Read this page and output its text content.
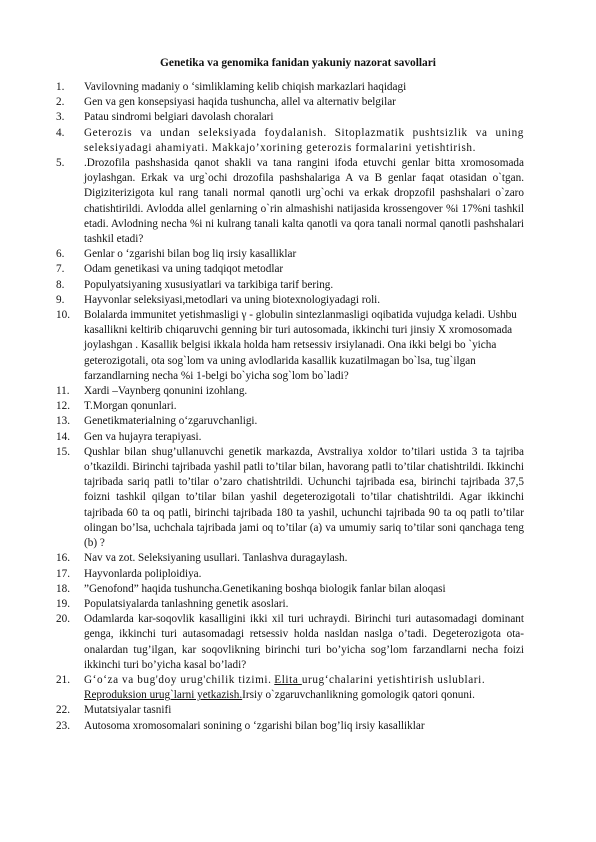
Genetika va genomika fanidan yakuniy nazorat savollari
1.	Vavilovning madaniy o ‘simliklaming kelib chiqish markazlari haqidagi
2.	Gen va gen konsepsiyasi haqida tushuncha, allel va alternativ belgilar
3.	Patau sindromi belgiari davolash choralari
4.	Geterozis va undan seleksiyada foydalanish. Sitoplazmatik pushtsizlik va uning seleksiyadagi ahamiyati. Makkajo’xorining geterozis formalarini yetishtirish.
5.	.Drozofila pashshasida qanot shakli va tana rangini ifoda etuvchi genlar bitta xromosomada joylashgan. Erkak va urg`ochi drozofila pashshalariga A va B genlar faqat otasidan o`tgan. Digiziterizigota kul rang tanali normal qanotli urg`ochi va erkak dropzofil pashshalari o`zaro chatishtirildi. Avlodda allel genlarning o`rin almashishi natijasida krossengover %i 17%ni tashkil etadi. Avlodning necha %i ni kulrang tanali kalta qanotli va qora tanali normal qanotli pashshalari tashkil etadi?
6.	Genlar o ‘zgarishi bilan bog liq irsiy kasalliklar
7.	Odam genetikasi va uning tadqiqot metodlar
8.	Populyatsiyaning xususiyatlari va tarkibiga tarif bering.
9.	Hayvonlar seleksiyasi,metodlari va uning biotexnologiyadagi roli.
10.	Bolalarda immunitet yetishmasligi γ - globulin sintezlanmasligi oqibatida vujudga keladi. Ushbu kasallikni keltirib chiqaruvchi genning bir turi autosomada, ikkinchi turi jinsiy X xromosomada joylashgan . Kasallik belgisi ikkala holda ham retsessiv irsiylanadi. Ona ikki belgi bo `yicha geterozigotali, ota sog`lom va uning avlodlarida kasallik kuzatilmagan bo`lsa, tug`ilgan farzandlarning necha %i 1-belgi bo`yicha sog`lom bo`ladi?
11.	Xardi –Vaynberg qonunini izohlang.
12.	T.Morgan qonunlari.
13.	Genetikmaterialning o‘zgaruvchanligi.
14.	Gen va hujayra terapiyasi.
15.	Qushlar bilan shug’ullanuvchi genetik markazda, Avstraliya xoldor to’tilari ustida 3 ta tajriba o’tkazildi. Birinchi tajribada yashil patli to’tilar bilan, havorang patli to’tilar chatishtrildi. Ikkinchi tajribada sariq patli to’tilar o’zaro chatishtrildi. Uchunchi tajribada esa, birinchi tajribada 37,5 foizni tashkil qilgan to’tilar bilan yashil degeterozigotali to’tilar chatishtrildi. Agar ikkinchi tajribada 60 ta oq patli, birinchi tajribada 180 ta yashil, uchunchi tajribada 90 ta oq patli to’tilar olingan bo’lsa, uchchala tajribada jami oq to’tilar (a) va umumiy sariq to’tilar soni qanchaga teng (b) ?
16.	Nav va zot. Seleksiyaning usullari. Tanlashva duragaylash.
17.	Hayvonlarda poliploidiya.
18.	”Genofond” haqida tushuncha.Genetikaning boshqa biologik fanlar bilan aloqasi
19.	Populatsiyalarda tanlashning genetik asoslari.
20.	Odamlarda kar-soqovlik kasalligini ikki xil turi uchraydi. Birinchi turi autasomadagi dominant genga, ikkinchi turi autasomadagi retsessiv holda nasldan naslga o’tadi. Degeterozigota ota-onalardan tug’ilgan, kar soqovlikning birinchi turi bo’yicha sog’lom farzandlarni necha foizi ikkinchi turi bo’yicha kasal bo’ladi?
21.	G‘o‘za va bug'doy urug'chilik tizimi. Elita urug‘chalarini yetishtirish uslublari.
Reproduksion urug`larni yetkazish.Irsiy o`zgaruvchanlikning gomologik qatori qonuni.
22.	Mutatsiyalar tasnifi
23.	Autosoma xromosomalari sonining o ‘zgarishi bilan bog’liq irsiy kasalliklar
